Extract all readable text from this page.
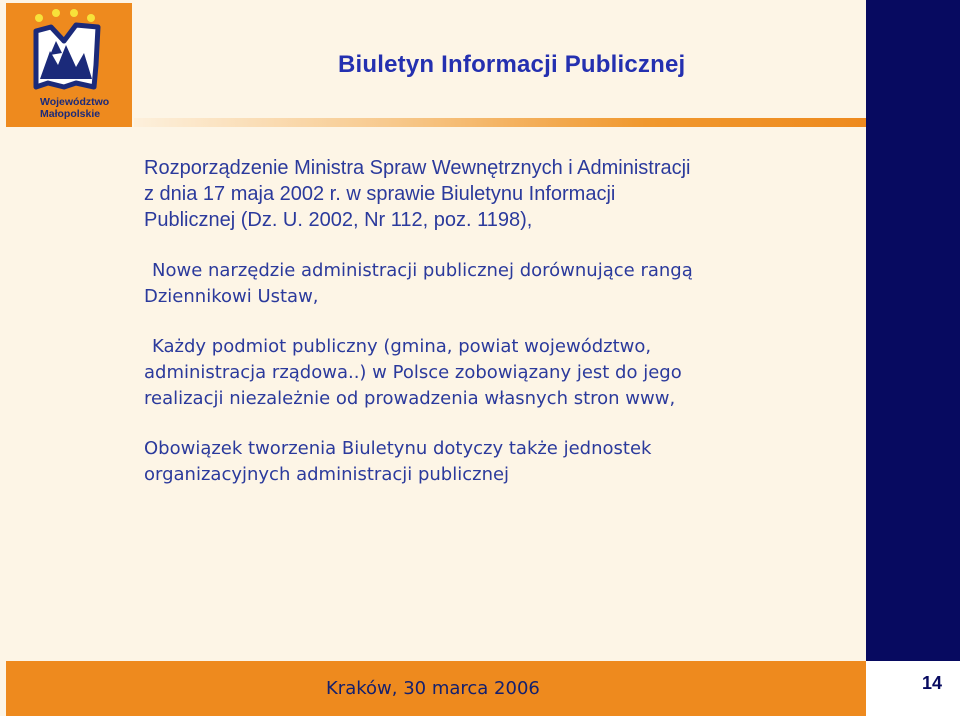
Województwo
Małopolskie
Biuletyn Informacji Publicznej

Rozporządzenie Ministra Spraw Wewnętrznych i Administracji
z dnia 17 maja 2002 r. w sprawie Biuletynu Informacji
Publicznej (Dz. U. 2002, Nr 112, poz. 1198),

Nowe narzędzie administracji publicznej dorównujące rangą
Dziennikowi Ustaw,

Każdy podmiot publiczny (gmina, powiat województwo,
administracja rządowa..) w Polsce zobowiązany jest do jego
realizacji niezależnie od prowadzenia własnych stron www,

Obowiązek tworzenia Biuletynu dotyczy także jednostek
organizacyjnych administracji publicznej

Kraków, 30 marca 2006	14
